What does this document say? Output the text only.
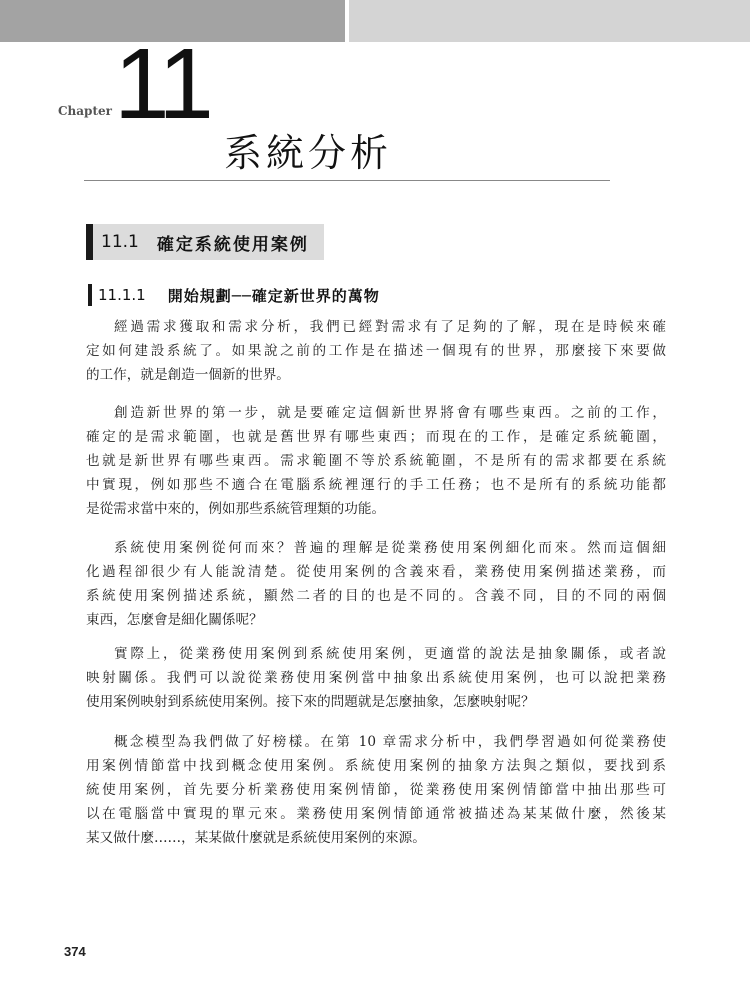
Chapter 11
系統分析
11.1 確定系統使用案例
11.1.1 開始規劃──確定新世界的萬物
經過需求獲取和需求分析，我們已經對需求有了足夠的了解，現在是時候來確
定如何建設系統了。如果說之前的工作是在描述一個現有的世界，那麼接下來要做
的工作，就是創造一個新的世界。
創造新世界的第一步，就是要確定這個新世界將會有哪些東西。之前的工作，
確定的是需求範圍，也就是舊世界有哪些東西；而現在的工作，是確定系統範圍，
也就是新世界有哪些東西。需求範圍不等於系統範圍，不是所有的需求都要在系統
中實現，例如那些不適合在電腦系統裡運行的手工任務；也不是所有的系統功能都
是從需求當中來的，例如那些系統管理類的功能。
系統使用案例從何而來？普遍的理解是從業務使用案例細化而來。然而這個細
化過程卻很少有人能說清楚。從使用案例的含義來看，業務使用案例描述業務，而
系統使用案例描述系統，顯然二者的目的也是不同的。含義不同，目的不同的兩個
東西，怎麼會是細化關係呢？
實際上，從業務使用案例到系統使用案例，更適當的說法是抽象關係，或者說
映射關係。我們可以說從業務使用案例當中抽象出系統使用案例，也可以說把業務
使用案例映射到系統使用案例。接下來的問題就是怎麼抽象，怎麼映射呢？
概念模型為我們做了好榜樣。在第 10 章需求分析中，我們學習過如何從業務使
用案例情節當中找到概念使用案例。系統使用案例的抽象方法與之類似，要找到系
統使用案例，首先要分析業務使用案例情節，從業務使用案例情節當中抽出那些可
以在電腦當中實現的單元來。業務使用案例情節通常被描述為某某做什麼，然後某
某又做什麼……，某某做什麼就是系統使用案例的來源。
374
